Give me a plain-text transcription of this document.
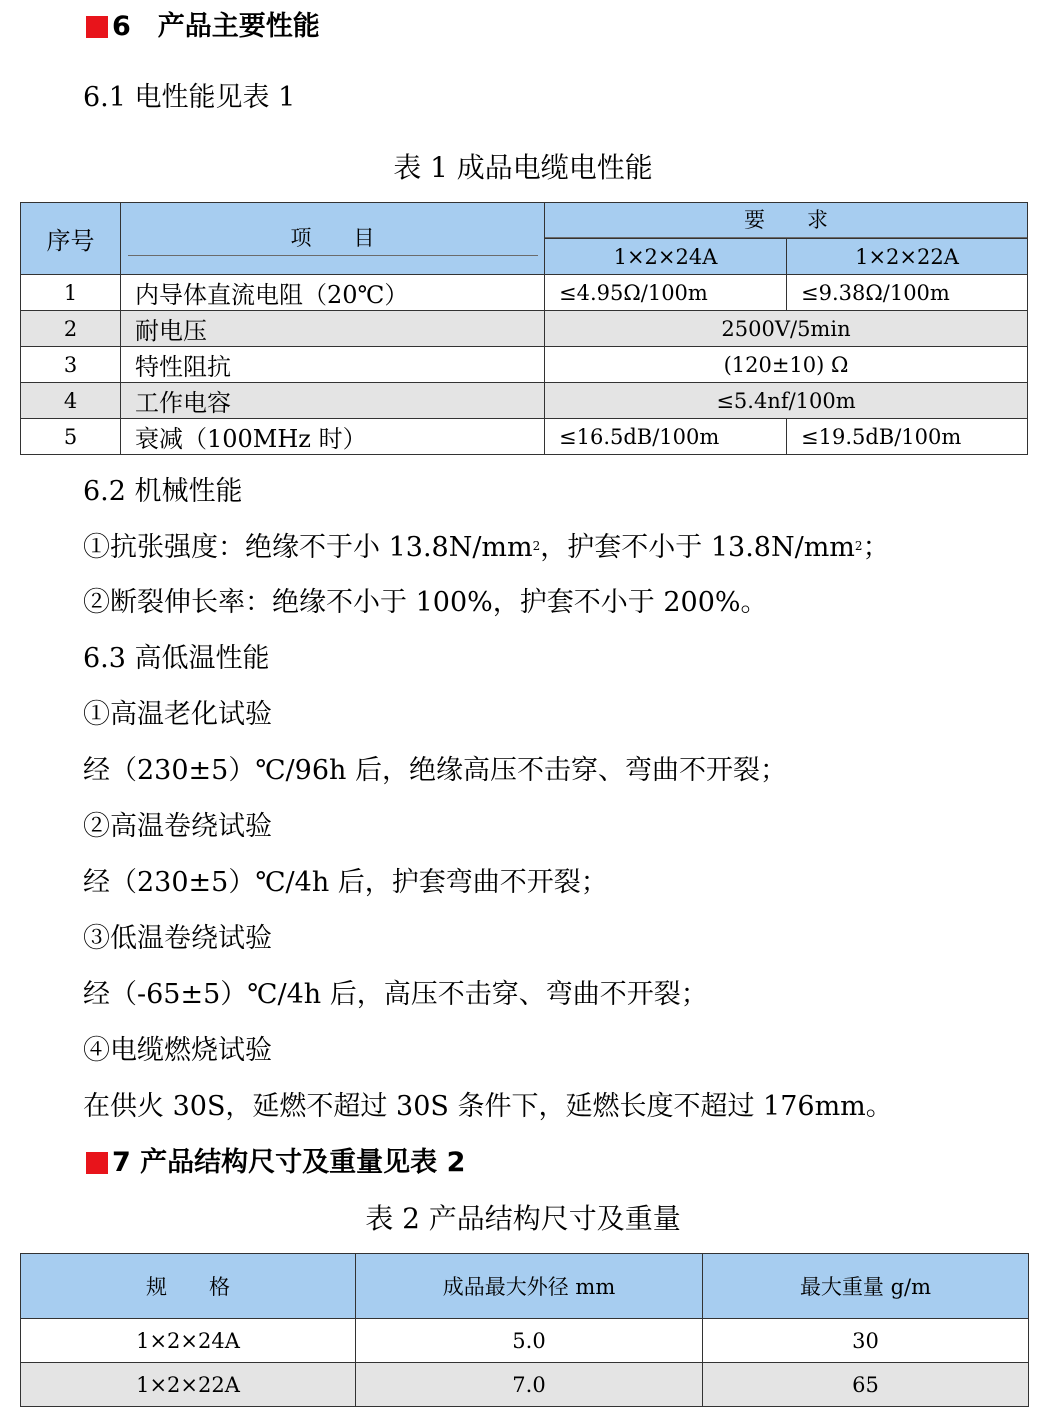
6　产品主要性能
6.1 电性能见表 1
表 1 成品电缆电性能
序号	项　　目	要　　求	

		1×2×24A	1×2×22A
1	内导体直流电阻（20℃）	≤4.95Ω/100m	≤9.38Ω/100m
2	耐电压	2500V/5min	
3	特性阻抗	(120±10) Ω	
4	工作电容	≤5.4nf/100m	
5	衰减（100MHz 时）	≤16.5dB/100m	≤19.5dB/100m
6.2 机械性能
①抗张强度：绝缘不于小 $13.8N/mm^2$，护套不小于 $13.8N/mm^2$；
②断裂伸长率：绝缘不小于 100%，护套不小于 200%。
6.3 高低温性能
①高温老化试验
经（230±5）℃/96h 后，绝缘高压不击穿、弯曲不开裂；
②高温卷绕试验
经（230±5）℃/4h 后，护套弯曲不开裂；
③低温卷绕试验
经（-65±5）℃/4h 后，高压不击穿、弯曲不开裂；
④电缆燃烧试验
在供火 30S，延燃不超过 30S 条件下，延燃长度不超过 176mm。
7 产品结构尺寸及重量见表 2
表 2 产品结构尺寸及重量
规　　格	成品最大外径 mm	最大重量 g/m
1×2×24A	5.0	30
1×2×22A	7.0	65
